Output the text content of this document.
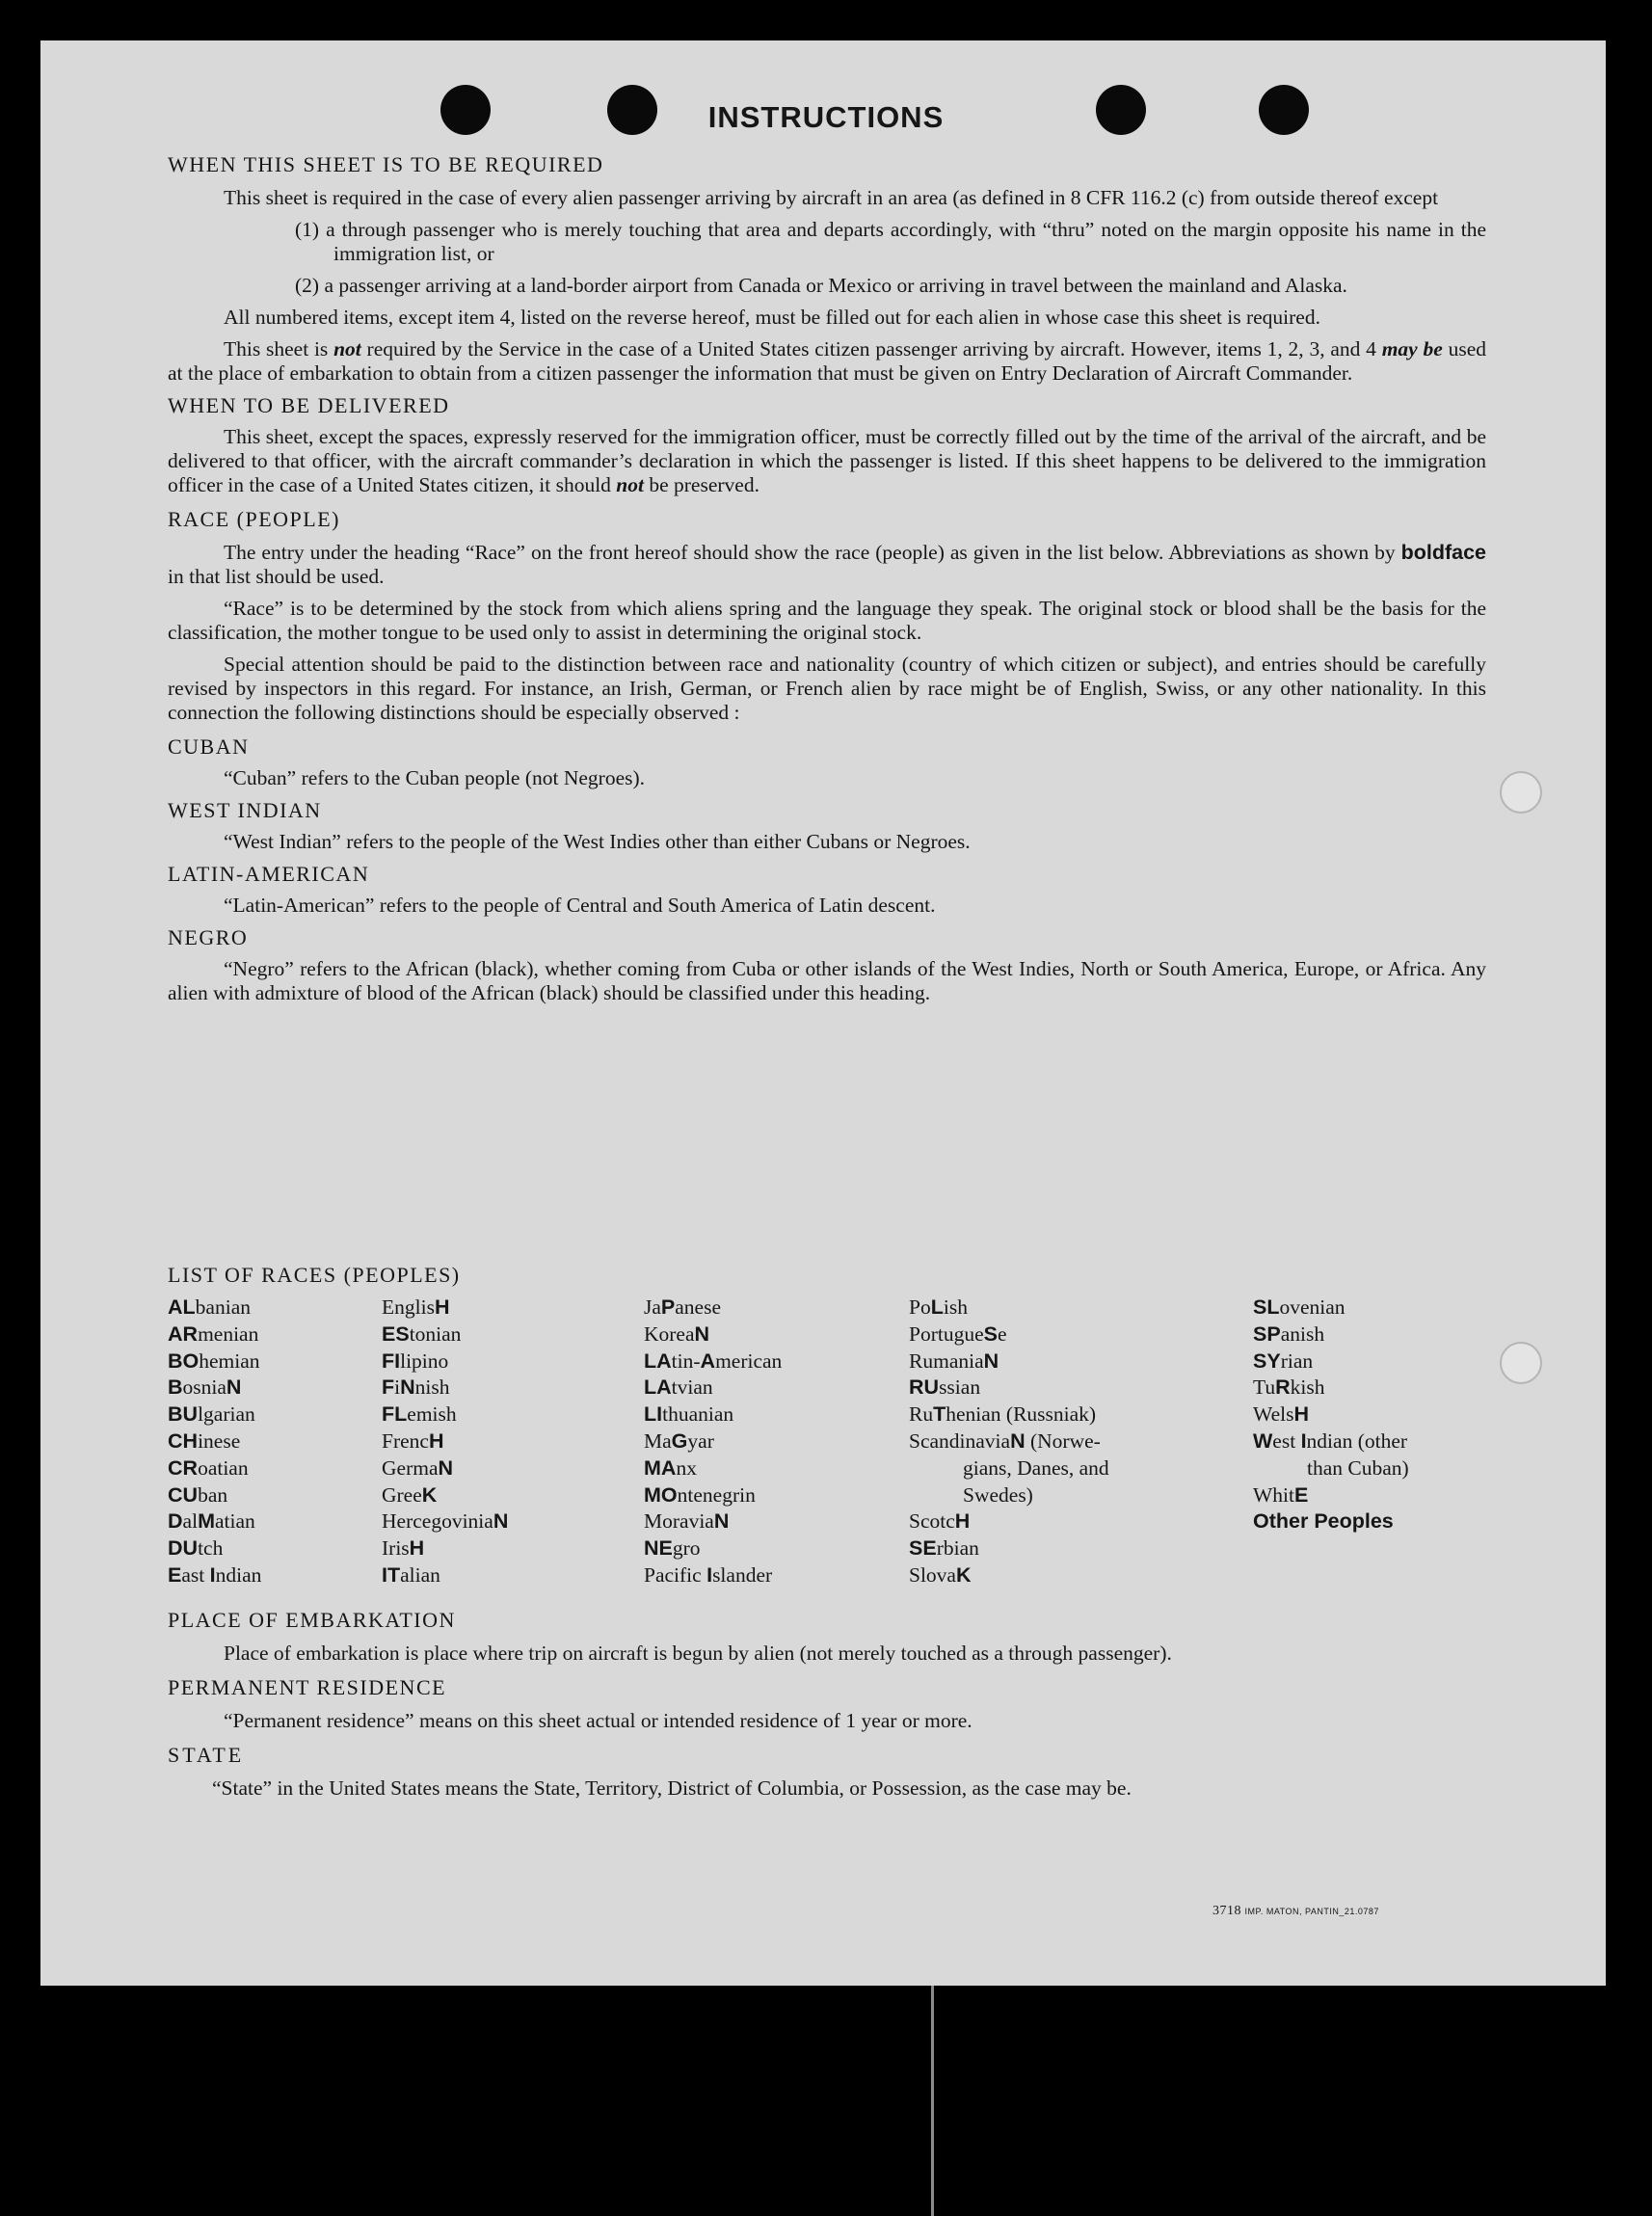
INSTRUCTIONS

WHEN THIS SHEET IS TO BE REQUIRED

This sheet is required in the case of every alien passenger arriving by aircraft in an area (as defined in 8 CFR 116.2 (c) from outside thereof except

(1) a through passenger who is merely touching that area and departs accordingly, with “thru” noted on the margin opposite his name in the immigration list, or

(2) a passenger arriving at a land-border airport from Canada or Mexico or arriving in travel between the mainland and Alaska.

All numbered items, except item 4, listed on the reverse hereof, must be filled out for each alien in whose case this sheet is required.

This sheet is not required by the Service in the case of a United States citizen passenger arriving by aircraft. However, items 1, 2, 3, and 4 may be used at the place of embarkation to obtain from a citizen passenger the information that must be given on Entry Declaration of Aircraft Commander.

WHEN TO BE DELIVERED

This sheet, except the spaces, expressly reserved for the immigration officer, must be correctly filled out by the time of the arrival of the aircraft, and be delivered to that officer, with the aircraft commander’s declaration in which the passenger is listed. If this sheet happens to be delivered to the immigration officer in the case of a United States citizen, it should not be preserved.

RACE (PEOPLE)

The entry under the heading “Race” on the front hereof should show the race (people) as given in the list below. Abbreviations as shown by boldface in that list should be used.

“Race” is to be determined by the stock from which aliens spring and the language they speak. The original stock or blood shall be the basis for the classification, the mother tongue to be used only to assist in determining the original stock.

Special attention should be paid to the distinction between race and nationality (country of which citizen or subject), and entries should be carefully revised by inspectors in this regard. For instance, an Irish, German, or French alien by race might be of English, Swiss, or any other nationality. In this connection the following distinctions should be especially observed :

CUBAN

“Cuban” refers to the Cuban people (not Negroes).

WEST INDIAN

“West Indian” refers to the people of the West Indies other than either Cubans or Negroes.

LATIN-AMERICAN

“Latin-American” refers to the people of Central and South America of Latin descent.

NEGRO

“Negro” refers to the African (black), whether coming from Cuba or other islands of the West Indies, North or South America, Europe, or Africa. Any alien with admixture of blood of the African (black) should be classified under this heading.

LIST OF RACES (PEOPLES)

ALbanian
ARmenian
BOhemian
BosniaN
BUlgarian
CHinese
CRoatian
CUban
DalMatian
DUtch
East Indian
EnglisH
EStonian
FIlipino
FiNnish
FLemish
FrencH
GermaN
GreeK
HercegoviniaN
IrisH
ITalian
JaPanese
KoreaN
LAtin-American
LAtvian
LIthuanian
MaGyar
MAnx
MOntenegrin
MoraviaN
NEgro
Pacific Islander
PoLish
PortugueSe
RumaniaN
RUssian
RuThenian (Russniak)
ScandinaviaN (Norwe-
gians, Danes, and
Swedes)
ScotcH
SErbian
SlovaK
SLovenian
SPanish
SYrian
TuRkish
WelsH
West Indian (other
than Cuban)
WhitE
Other Peoples

PLACE OF EMBARKATION

Place of embarkation is place where trip on aircraft is begun by alien (not merely touched as a through passenger).

PERMANENT RESIDENCE

“Permanent residence” means on this sheet actual or intended residence of 1 year or more.

STATE

“State” in the United States means the State, Territory, District of Columbia, or Possession, as the case may be.

3718 IMP. MATON, PANTIN_21.0787
